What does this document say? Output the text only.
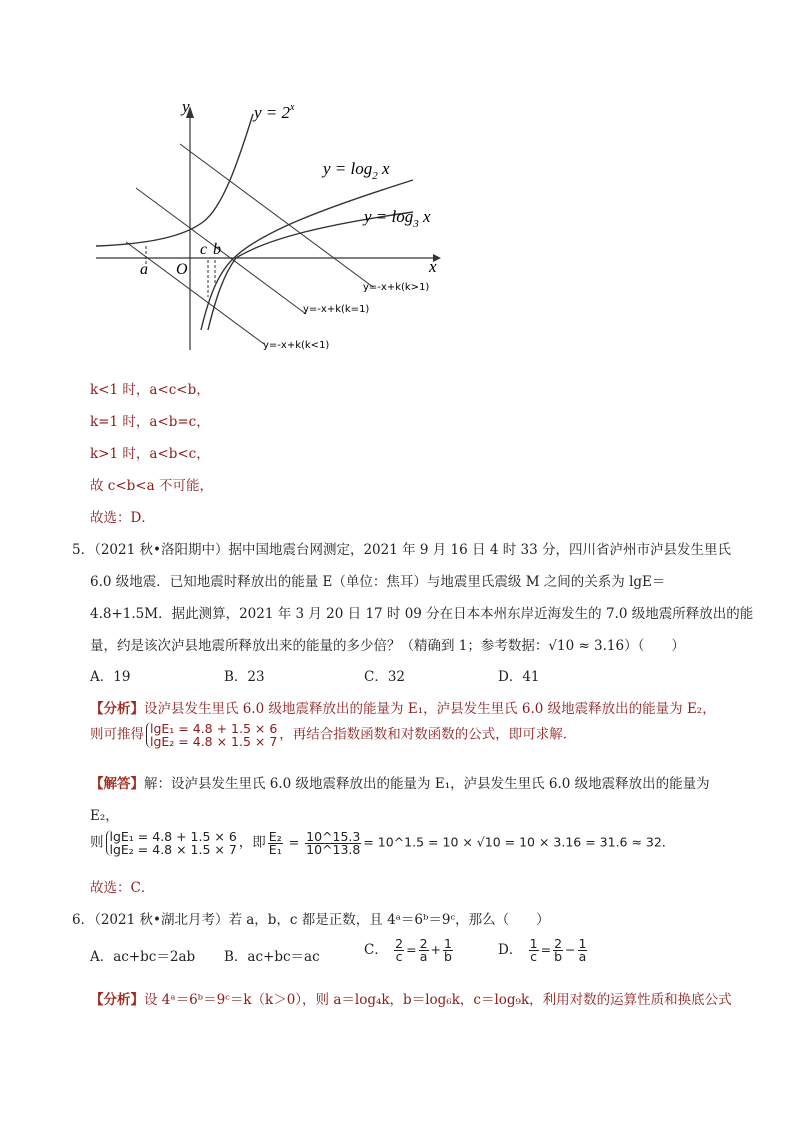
y
x
O
a
c b
$y = 2^x$
$y = \log_2 x$
$y = \log_3 x$
y=-x+k(k>1)
y=-x+k(k=1)
y=-x+k(k<1)
k<1 时，a<c<b，
k=1 时，a<b=c，
k>1 时，a<b<c，
故 c<b<a 不可能，
故选：D．
5．（2021 秋•洛阳期中）据中国地震台网测定，2021 年 9 月 16 日 4 时 33 分，四川省泸州市泸县发生里氏
6.0 级地震．已知地震时释放出的能量 E（单位：焦耳）与地震里氏震级 M 之间的关系为 lgE＝
4.8+1.5M．据此测算，2021 年 3 月 20 日 17 时 09 分在日本本州东岸近海发生的 7.0 级地震所释放出的能
量，约是该次泸县地震所释放出来的能量的多少倍？（精确到 1；参考数据：√10 ≈ 3.16）（　　）
A．19	B．23	C．32	D．41
【分析】设泸县发生里氏 6.0 级地震释放出的能量为 E₁，泸县发生里氏 6.0 级地震释放出的能量为 E₂，
则可推得 lgE₁ = 4.8 + 1.5 × 6
lgE₂ = 4.8 × 1.5 × 7 ，再结合指数函数和对数函数的公式，即可求解．
【解答】解：设泸县发生里氏 6.0 级地震释放出的能量为 E₁，泸县发生里氏 6.0 级地震释放出的能量为
E₂，
则 lgE₁ = 4.8 + 1.5 × 6
lgE₂ = 4.8 × 1.5 × 7 ，即 $\frac{\text{E₂}}{\text{E₁}} = \frac{10\^{}15.3}{10\^{}13.8}$ = 10^1.5 = 10 × √10 = 10 × 3.16 = 31.6 ≈ 32．
故选：C．
6．（2021 秋•湖北月考）若 a，b，c 都是正数，且 4ᵃ＝6ᵇ＝9ᶜ，那么（　　）
A．ac+bc＝2ab B．ac+bc＝ac	C． $\frac{2}{c} = \frac{2}{a} + \frac{1}{b}$	D． $\frac{1}{c} = \frac{2}{b} - \frac{1}{a}$
【分析】设 4ᵃ＝6ᵇ＝9ᶜ＝k（k＞0），则 a＝log₄k，b＝log₆k，c＝log₉k，利用对数的运算性质和换底公式
